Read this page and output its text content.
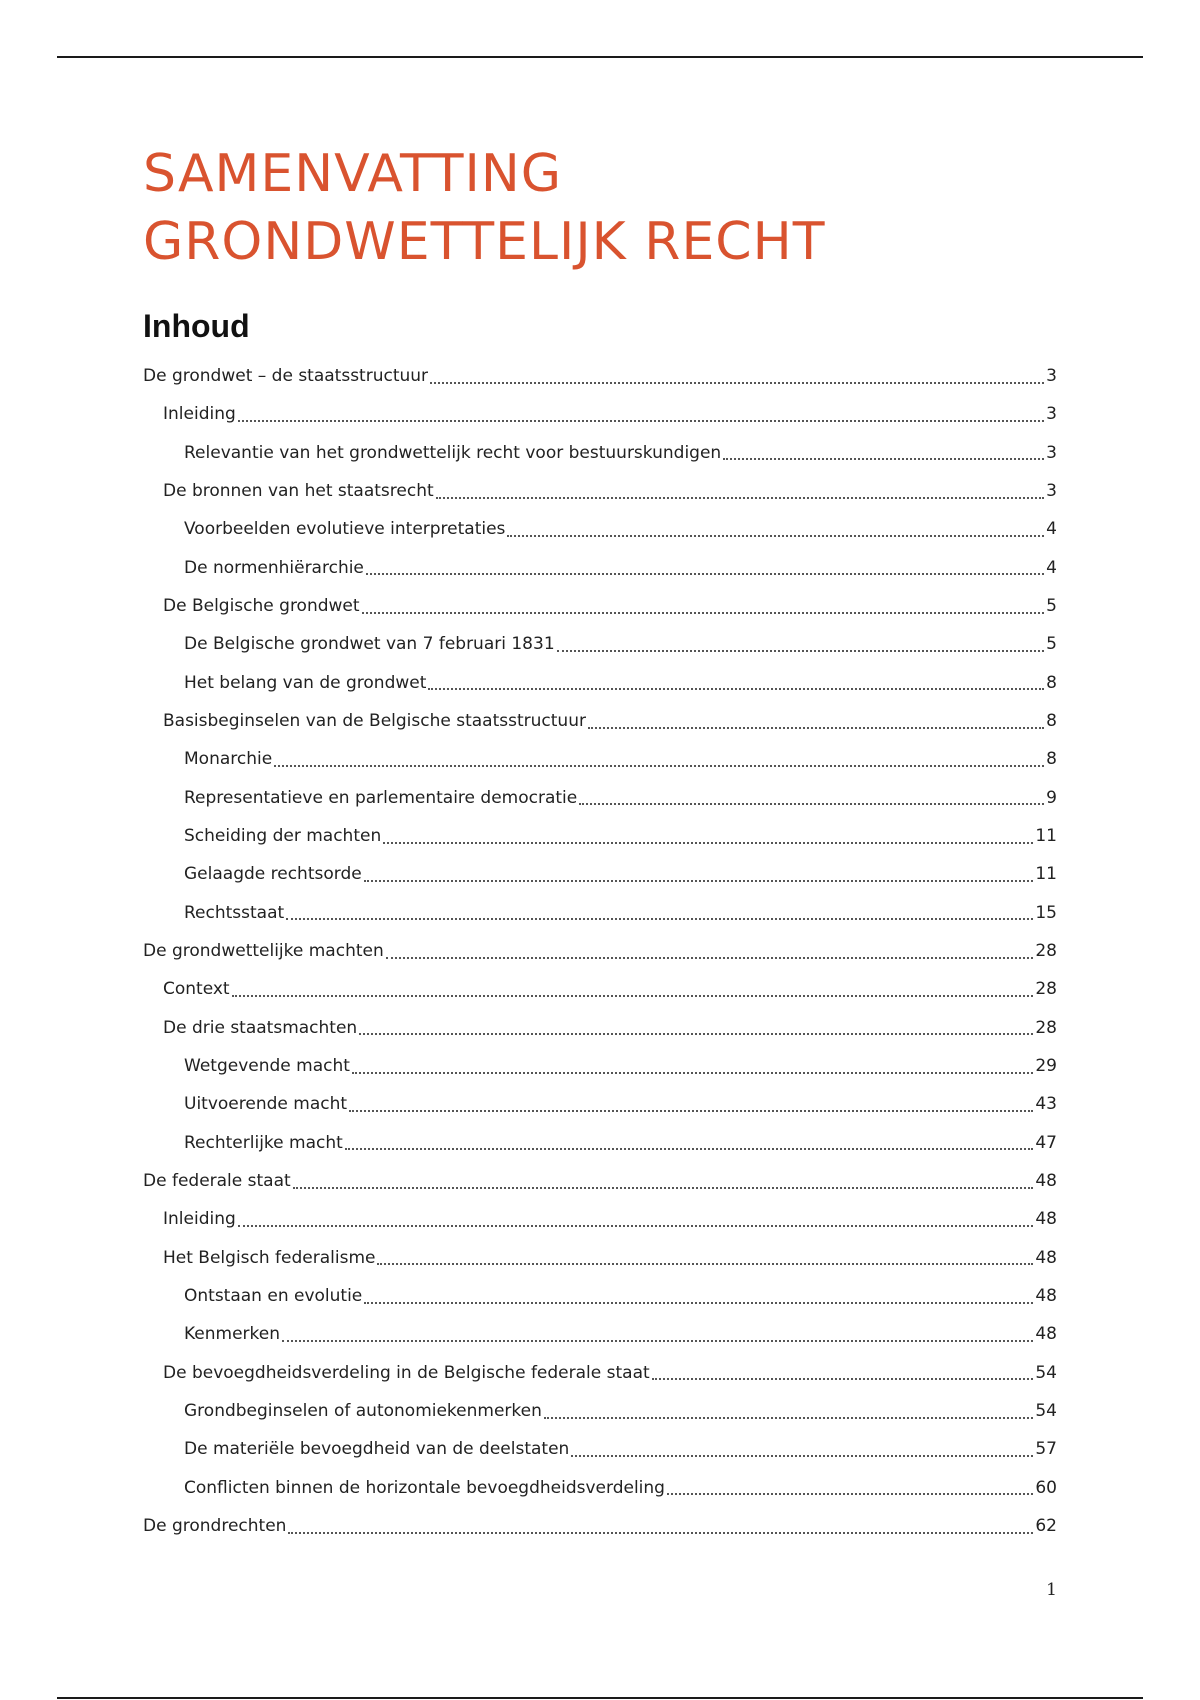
SAMENVATTING
GRONDWETTELIJK RECHT
Inhoud
De grondwet – de staatsstructuur	3
Inleiding	3
Relevantie van het grondwettelijk recht voor bestuurskundigen	3
De bronnen van het staatsrecht	3
Voorbeelden evolutieve interpretaties	4
De normenhiërarchie	4
De Belgische grondwet	5
De Belgische grondwet van 7 februari 1831	5
Het belang van de grondwet	8
Basisbeginselen van de Belgische staatsstructuur	8
Monarchie	8
Representatieve en parlementaire democratie	9
Scheiding der machten	11
Gelaagde rechtsorde	11
Rechtsstaat	15
De grondwettelijke machten	28
Context	28
De drie staatsmachten	28
Wetgevende macht	29
Uitvoerende macht	43
Rechterlijke macht	47
De federale staat	48
Inleiding	48
Het Belgisch federalisme	48
Ontstaan en evolutie	48
Kenmerken	48
De bevoegdheidsverdeling in de Belgische federale staat	54
Grondbeginselen of autonomiekenmerken	54
De materiële bevoegdheid van de deelstaten	57
Conflicten binnen de horizontale bevoegdheidsverdeling	60
De grondrechten	62
1
